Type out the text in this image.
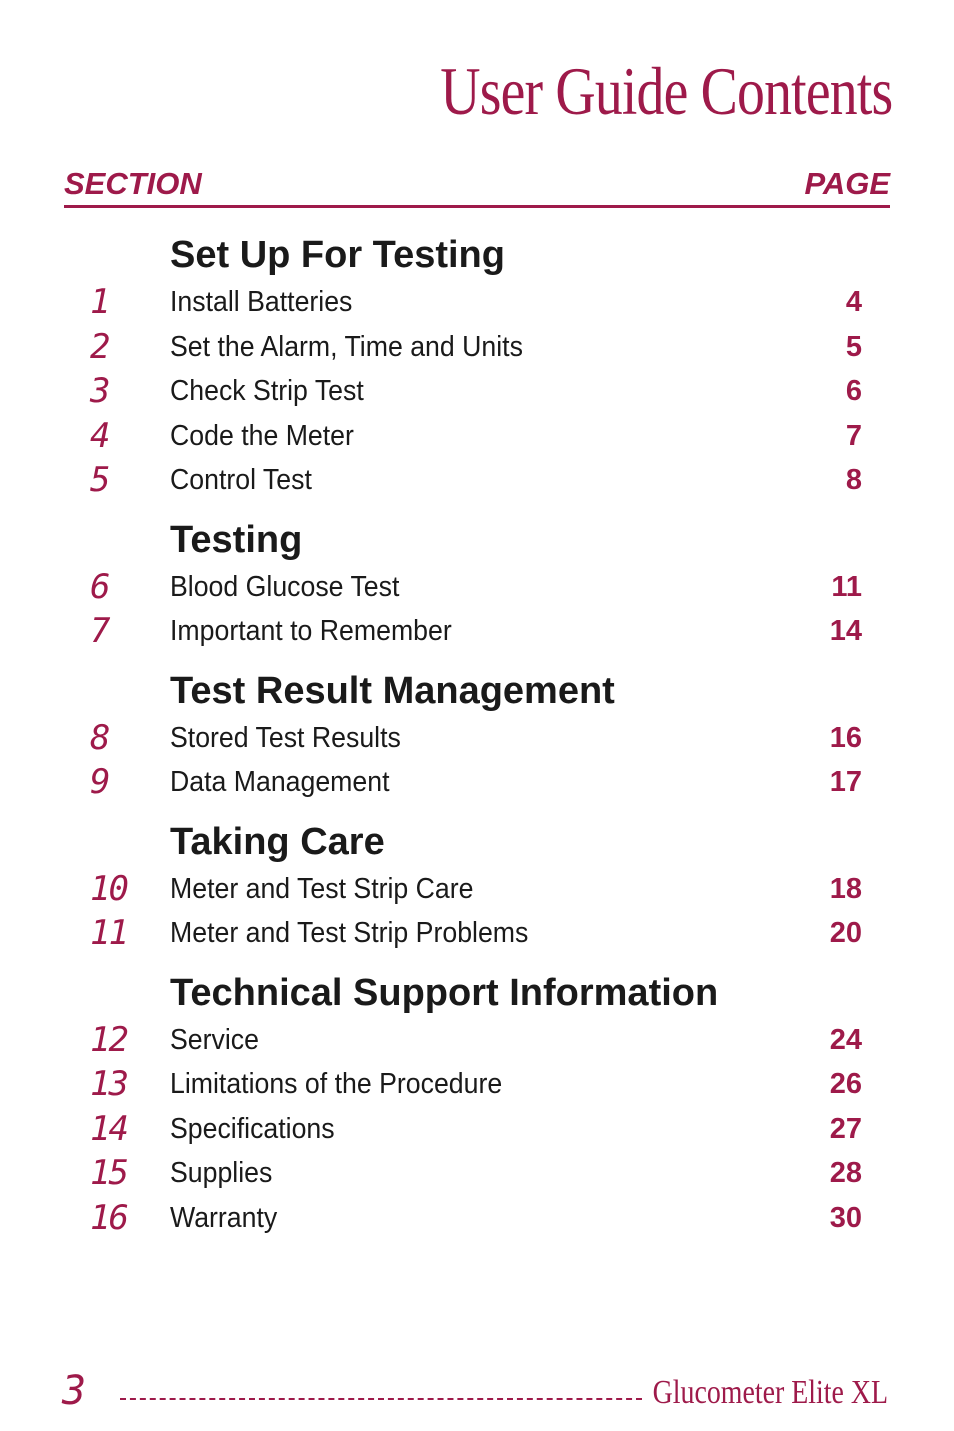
User Guide Contents
SECTION	PAGE
Set Up For Testing
1 Install Batteries	4
2 Set the Alarm, Time and Units	5
3 Check Strip Test	6
4 Code the Meter	7
5 Control Test	8
Testing
6 Blood Glucose Test	11
7 Important to Remember	14
Test Result Management
8 Stored Test Results	16
9 Data Management	17
Taking Care
10 Meter and Test Strip Care	18
11 Meter and Test Strip Problems	20
Technical Support Information
12 Service	24
13 Limitations of the Procedure	26
14 Specifications	27
15 Supplies	28
16 Warranty	30
3	Glucometer Elite XL
